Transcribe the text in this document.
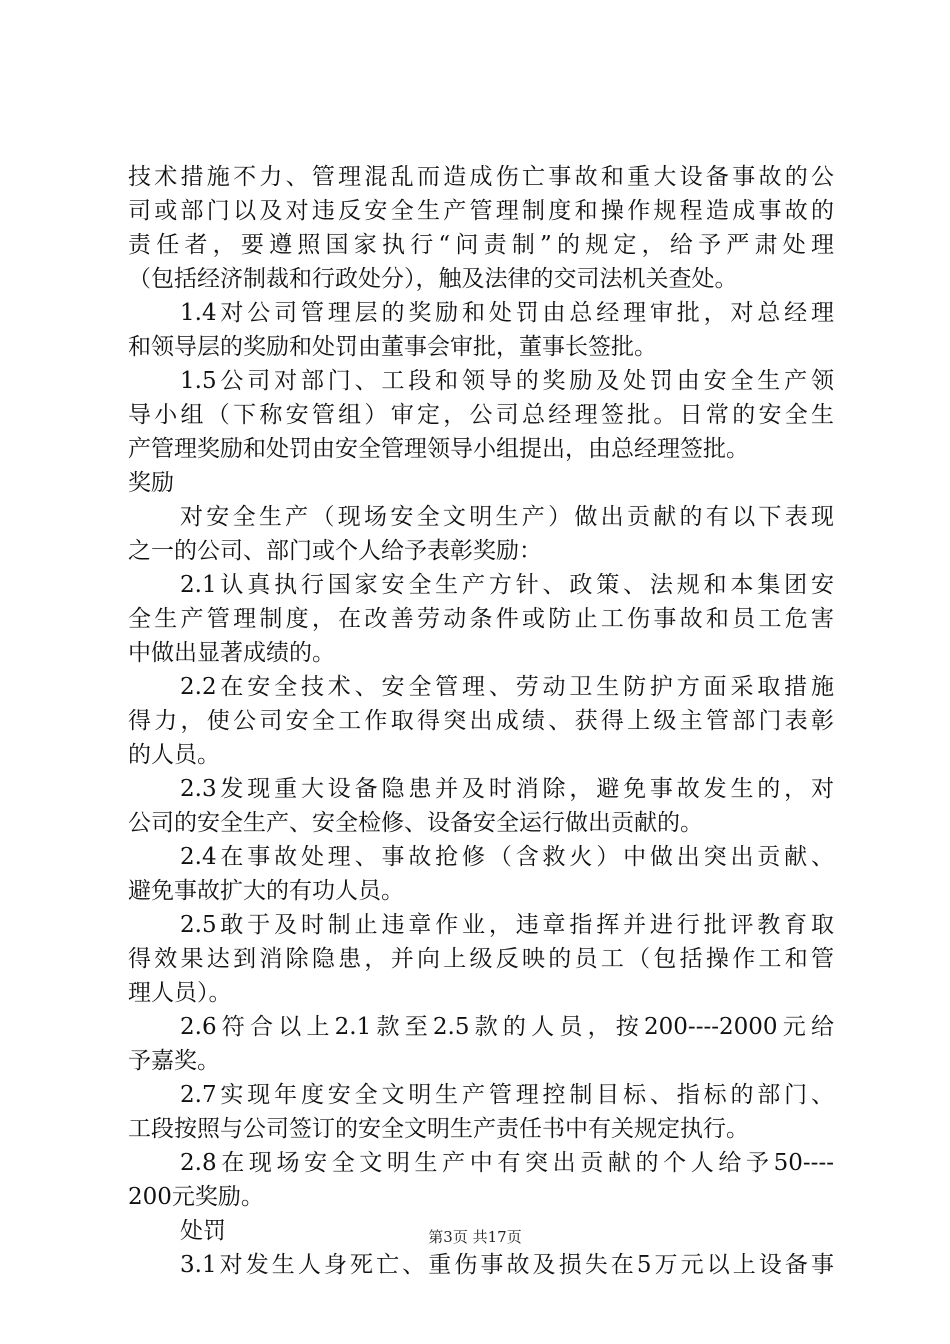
技术措施不力、管理混乱而造成伤亡事故和重大设备事故的公
司或部门以及对违反安全生产管理制度和操作规程造成事故的
责任者，要遵照国家执行“问责制”的规定，给予严肃处理
（包括经济制裁和行政处分），触及法律的交司法机关查处。
1.4对公司管理层的奖励和处罚由总经理审批，对总经理
和领导层的奖励和处罚由董事会审批，董事长签批。
1.5公司对部门、工段和领导的奖励及处罚由安全生产领
导小组（下称安管组）审定，公司总经理签批。日常的安全生
产管理奖励和处罚由安全管理领导小组提出，由总经理签批。
奖励
对安全生产（现场安全文明生产）做出贡献的有以下表现
之一的公司、部门或个人给予表彰奖励：
2.1认真执行国家安全生产方针、政策、法规和本集团安
全生产管理制度，在改善劳动条件或防止工伤事故和员工危害
中做出显著成绩的。
2.2在安全技术、安全管理、劳动卫生防护方面采取措施
得力，使公司安全工作取得突出成绩、获得上级主管部门表彰
的人员。
2.3发现重大设备隐患并及时消除，避免事故发生的，对
公司的安全生产、安全检修、设备安全运行做出贡献的。
2.4在事故处理、事故抢修（含救火）中做出突出贡献、
避免事故扩大的有功人员。
2.5敢于及时制止违章作业，违章指挥并进行批评教育取
得效果达到消除隐患，并向上级反映的员工（包括操作工和管
理人员）。
2.6符合以上2.1款至2.5款的人员，按200----2000元给
予嘉奖。
2.7实现年度安全文明生产管理控制目标、指标的部门、
工段按照与公司签订的安全文明生产责任书中有关规定执行。
2.8在现场安全文明生产中有突出贡献的个人给予50----
200元奖励。
处罚
3.1对发生人身死亡、重伤事故及损失在5万元以上设备事
第3页 共17页
